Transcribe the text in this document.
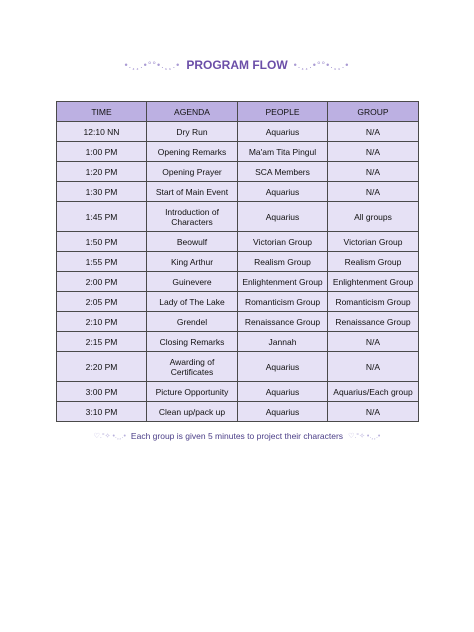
•.¸¸.•°°•.¸¸.• PROGRAM FLOW •.¸¸.•°°•.¸¸.•
TIME	AGENDA	PEOPLE	GROUP
12:10 NN	Dry Run	Aquarius	N/A
1:00 PM	Opening Remarks	Ma'am Tita Pingul	N/A
1:20 PM	Opening Prayer	SCA Members	N/A
1:30 PM	Start of Main Event	Aquarius	N/A
1:45 PM	Introduction of Characters	Aquarius	All groups
1:50 PM	Beowulf	Victorian Group	Victorian Group
1:55 PM	King Arthur	Realism Group	Realism Group
2:00 PM	Guinevere	Enlightenment Group	Enlightenment Group
2:05 PM	Lady of The Lake	Romanticism Group	Romanticism Group
2:10 PM	Grendel	Renaissance Group	Renaissance Group
2:15 PM	Closing Remarks	Jannah	N/A
2:20 PM	Awarding of Certificates	Aquarius	N/A
3:00 PM	Picture Opportunity	Aquarius	Aquarius/Each group
3:10 PM	Clean up/pack up	Aquarius	N/A
♡.°✧ •.¸¸.• Each group is given 5 minutes to project their characters ♡.°✧ •.¸¸.•
